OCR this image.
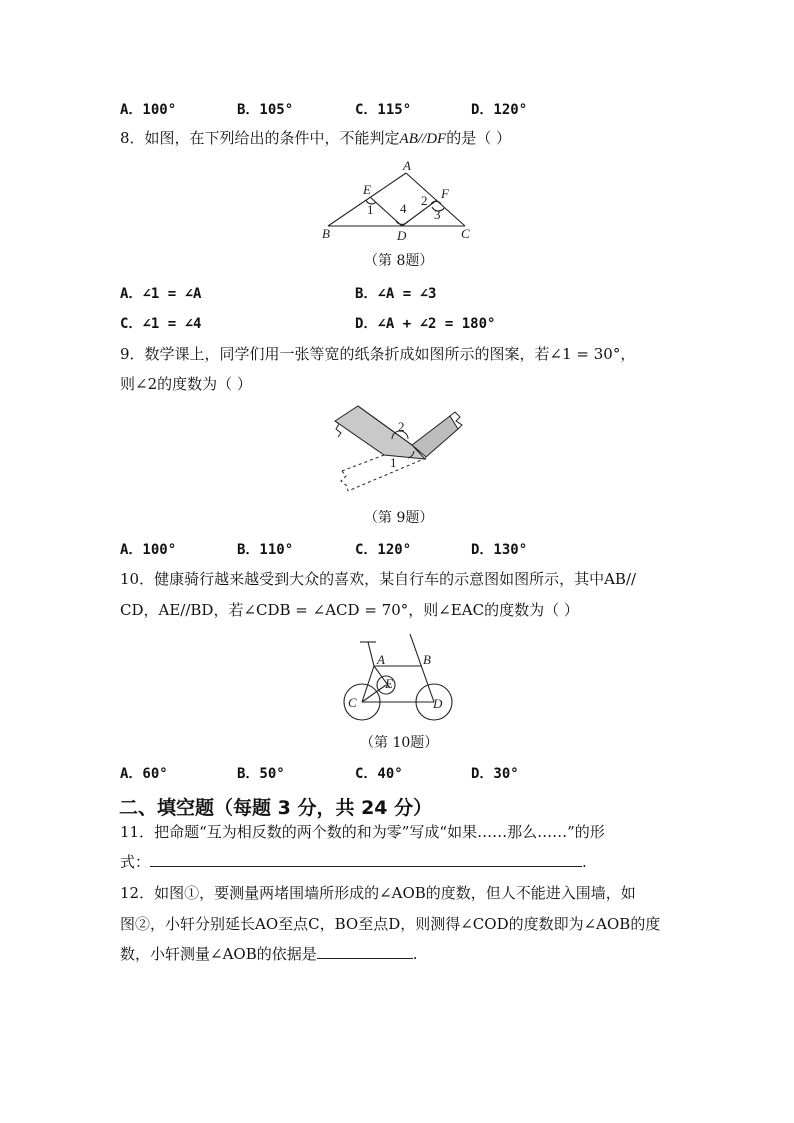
A．100°	B．105°	C．115°	D．120°
8．如图，在下列给出的条件中，不能判定AB//DF的是（ ）
A
B	C
D
E	F
1
2
3
4
（第 8题）
A．∠1 = ∠A	B．∠A = ∠3
C．∠1 = ∠4	D．∠A + ∠2 = 180°
9．数学课上，同学们用一张等宽的纸条折成如图所示的图案，若∠1 = 30°，
则∠2的度数为（ ）
2
1
（第 9题）
A．100°	B．110°	C．120°	D．130°
10．健康骑行越来越受到大众的喜欢，某自行车的示意图如图所示，其中AB//
CD，AE//BD，若∠CDB = ∠ACD = 70°，则∠EAC的度数为（ ）
A	B
C	D
E
（第 10题）
A．60°	B．50°	C．40°	D．30°
二、填空题（每题 3 分，共 24 分）
11．把命题“互为相反数的两个数的和为零”写成“如果……那么……”的形
式：	.
12．如图①，要测量两堵围墙所形成的∠AOB的度数，但人不能进入围墙，如
图②，小轩分别延长AO至点C，BO至点D，则测得∠COD的度数即为∠AOB的度
数，小轩测量∠AOB的依据是	.
